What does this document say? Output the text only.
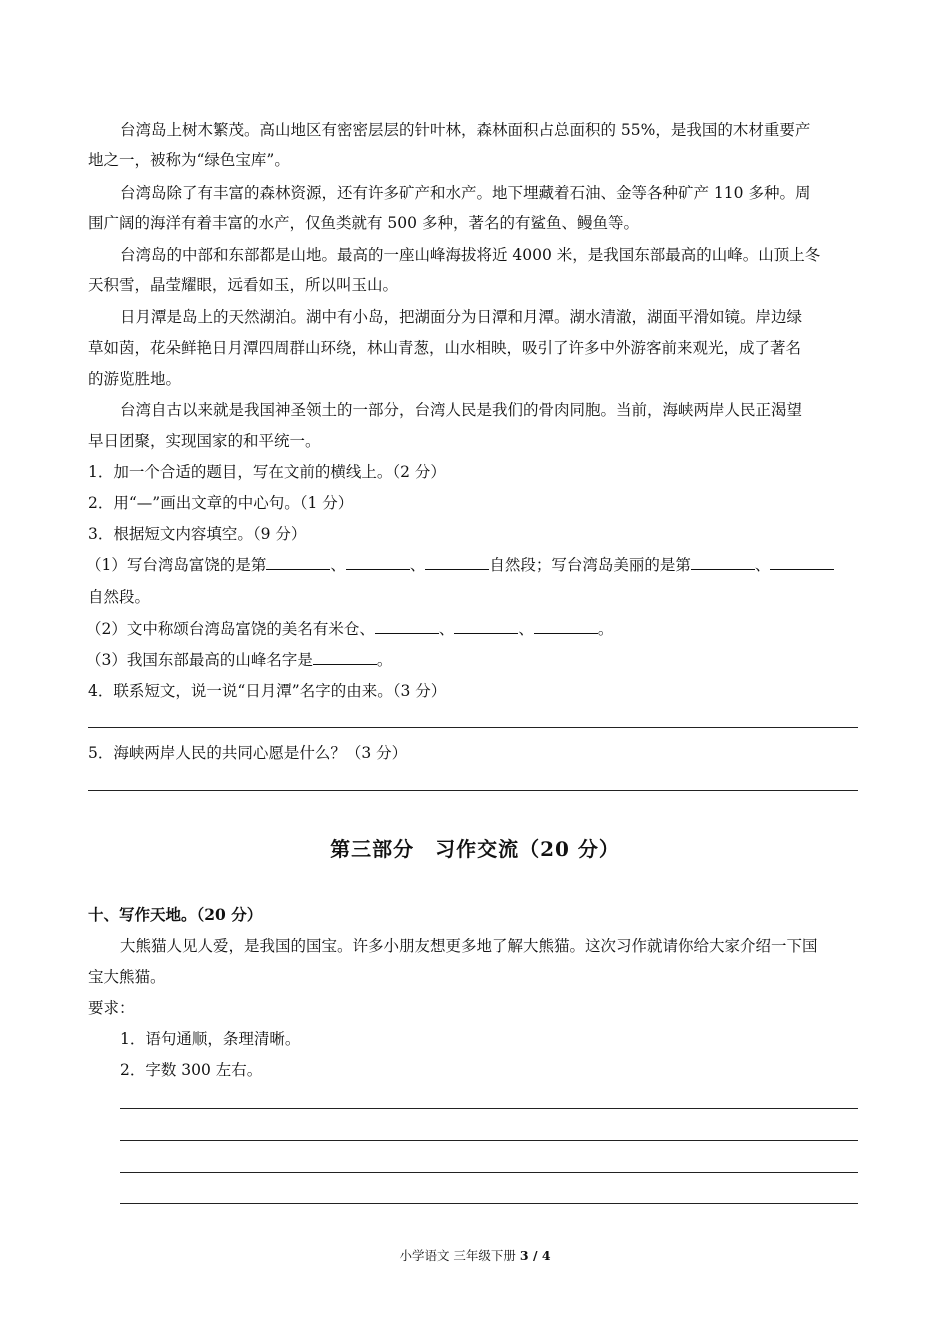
台湾岛上树木繁茂。高山地区有密密层层的针叶林，森林面积占总面积的 55%，是我国的木材重要产
地之一，被称为“绿色宝库”。
台湾岛除了有丰富的森林资源，还有许多矿产和水产。地下埋藏着石油、金等各种矿产 110 多种。周
围广阔的海洋有着丰富的水产，仅鱼类就有 500 多种，著名的有鲨鱼、鳗鱼等。
台湾岛的中部和东部都是山地。最高的一座山峰海拔将近 4000 米，是我国东部最高的山峰。山顶上冬
天积雪，晶莹耀眼，远看如玉，所以叫玉山。
日月潭是岛上的天然湖泊。湖中有小岛，把湖面分为日潭和月潭。湖水清澈，湖面平滑如镜。岸边绿
草如茵，花朵鲜艳日月潭四周群山环绕，林山青葱，山水相映，吸引了许多中外游客前来观光，成了著名
的游览胜地。
台湾自古以来就是我国神圣领土的一部分，台湾人民是我们的骨肉同胞。当前，海峡两岸人民正渴望
早日团聚，实现国家的和平统一。
1．加一个合适的题目，写在文前的横线上。（2 分）
2．用“—”画出文章的中心句。（1 分）
3．根据短文内容填空。（9 分）
（1）写台湾岛富饶的是第	、	、	自然段；写台湾岛美丽的是第	、
自然段。
（2）文中称颂台湾岛富饶的美名有米仓、	、	、	。
（3）我国东部最高的山峰名字是	。
4．联系短文，说一说“日月潭”名字的由来。（3 分）
5．海峡两岸人民的共同心愿是什么？（3 分）
第三部分　习作交流（20 分）
十、写作天地。（20 分）
大熊猫人见人爱，是我国的国宝。许多小朋友想更多地了解大熊猫。这次习作就请你给大家介绍一下国
宝大熊猫。
要求：
1．语句通顺，条理清晰。
2．字数 300 左右。
小学语文 三年级下册 3 / 4
